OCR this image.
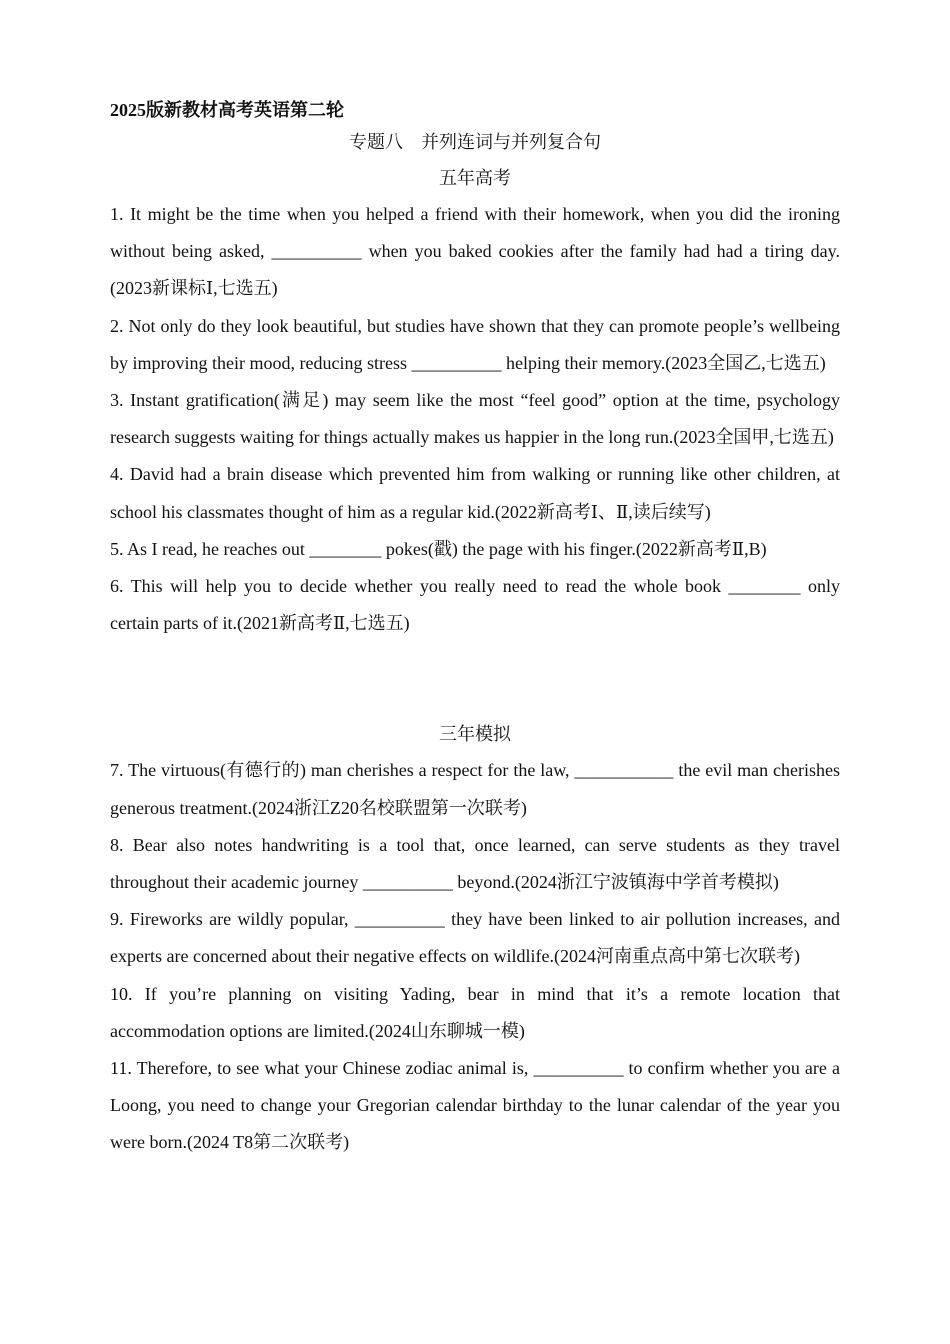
2025版新教材高考英语第二轮

专题八　并列连词与并列复合句

五年高考

1. It might be the time when you helped a friend with their homework, when you did the ironing without being asked, __________ when you baked cookies after the family had had a tiring day.(2023新课标Ⅰ,七选五)

2. Not only do they look beautiful, but studies have shown that they can promote people’s wellbeing by improving their mood, reducing stress __________ helping their memory.(2023全国乙,七选五)

3. Instant gratification(满足) may seem like the most “feel good” option at the time, psychology research suggests waiting for things actually makes us happier in the long run.(2023全国甲,七选五)

4. David had a brain disease which prevented him from walking or running like other children, at school his classmates thought of him as a regular kid.(2022新高考Ⅰ、Ⅱ,读后续写)

5. As I read, he reaches out ________ pokes(戳) the page with his finger.(2022新高考Ⅱ,B)

6. This will help you to decide whether you really need to read the whole book ________ only certain parts of it.(2021新高考Ⅱ,七选五)

三年模拟

7. The virtuous(有德行的) man cherishes a respect for the law, ___________ the evil man cherishes generous treatment.(2024浙江Z20名校联盟第一次联考)

8. Bear also notes handwriting is a tool that, once learned, can serve students as they travel throughout their academic journey __________ beyond.(2024浙江宁波镇海中学首考模拟)

9. Fireworks are wildly popular, __________ they have been linked to air pollution increases, and experts are concerned about their negative effects on wildlife.(2024河南重点高中第七次联考)

10. If you’re planning on visiting Yading, bear in mind that it’s a remote location that accommodation options are limited.(2024山东聊城一模)

11. Therefore, to see what your Chinese zodiac animal is, __________ to confirm whether you are a Loong, you need to change your Gregorian calendar birthday to the lunar calendar of the year you were born.(2024 T8第二次联考)
